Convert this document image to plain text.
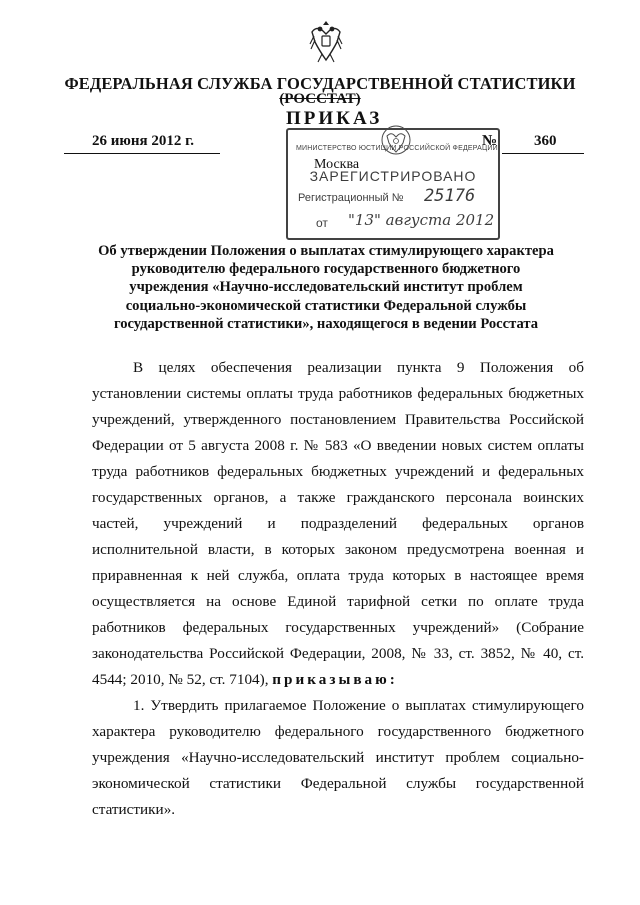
ФЕДЕРАЛЬНАЯ СЛУЖБА ГОСУДАРСТВЕННОЙ СТАТИСТИКИ
(РОССТАТ)
ПРИКАЗ
26 июня 2012 г.	№ 360
МИНИСТЕРСТВО ЮСТИЦИИ РОССИЙСКОЙ ФЕДЕРАЦИИ
ЗАРЕГИСТРИРОВАНО
Регистрационный № 25176
от "13" августа 2012
Москва
Об утверждении Положения о выплатах стимулирующего характера руководителю федерального государственного бюджетного учреждения «Научно-исследовательский институт проблем социально-экономической статистики Федеральной службы государственной статистики», находящегося в ведении Росстата

В целях обеспечения реализации пункта 9 Положения об установлении системы оплаты труда работников федеральных бюджетных учреждений, утвержденного постановлением Правительства Российской Федерации от 5 августа 2008 г. № 583 «О введении новых систем оплаты труда работников федеральных бюджетных учреждений и федеральных государственных органов, а также гражданского персонала воинских частей, учреждений и подразделений федеральных органов исполнительной власти, в которых законом предусмотрена военная и приравненная к ней служба, оплата труда которых в настоящее время осуществляется на основе Единой тарифной сетки по оплате труда работников федеральных государственных учреждений» (Собрание законодательства Российской Федерации, 2008, № 33, ст. 3852, № 40, ст. 4544; 2010, № 52, ст. 7104), приказываю:

1. Утвердить прилагаемое Положение о выплатах стимулирующего характера руководителю федерального государственного бюджетного учреждения «Научно-исследовательский институт проблем социально-экономической статистики Федеральной службы государственной статистики».
